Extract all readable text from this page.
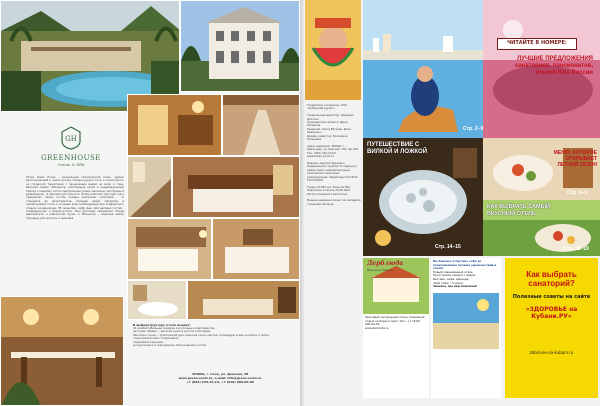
GH
GREENHOUSE
Отель & SPA
Отель Green House – уникальный тематический отель, удобно расположенный в самом центре города-курорта Сочи, в тихом месте, на городской территории с панорамным видом на море и горы. Высокий сервис, SPA-центр, собственная кухня и индивидуальный подход к каждому гостю. Центральная улица, магазины, рестораны и развлечения – в шаговой доступности. Отель работает круглый год и предлагает своим гостям номера различных категорий – от стандарта до апартаментов. Каждый номер оформлен в неповторимом стиле и оснащён всем необходимым для комфортного отдыха: кондиционер, ТВ, мини-бар, сейф, фен. Для деловых гостей – конференц-зал и бизнес-услуги. Наш ресторан предлагает блюда европейской и кавказской кухни, а SPA-центр – широкий выбор процедур для красоты и здоровья.
В инфраструктуру отеля входит:
36 комфортабельных номеров и роскошных апартаментов;
ресторан «Браво» – высокая кухня в уютной атмосфере;
SPA-салон «Luxe» – тропический душ, финская сауна, массаж, процедуры ухода за лицом и телом;
открытый бассейн с подогревом;
охраняемая парковка;
экскурсионное и трансферное обслуживание гостей.
354000, г. Сочи, ул. Донская, 38
www.green-sochi.ru, e-mail: info@green-sochi.ru
+7 (862) 225-15-15, +7 (918) 000-00-00
Учредитель и издатель: ООО «Кубанский курорт»

Генеральный директор: Людмила Донская
Руководитель проекта: Денис Литвинов
Редакция: Ольга Ветрова, Инна Кравченко
Дизайн и вёрстка: Екатерина Латышева

Адрес редакции: 350000, г. Краснодар, ул. Красная, 155, оф. 605
Тел.: (861) 210-10-00
www.kuban-kurort.ru

Издание зарегистрировано Федеральной службой по надзору в сфере связи, информационных технологий и массовых коммуникаций. Свидетельство ПИ № ТУ23-00000.

Тираж 10 000 экз. Заказ № 000.
Подписано в печать 00.00.2014
Распространяется бесплатно.

Мнение редакции может не совпадать с мнением авторов.
ЧИТАЙТЕ В НОМЕРЕ:
ЛУЧШИЕ ПРЕДЛОЖЕНИЯ санаториев, пансионатов, отелей Юга России
Стр. 2–9
ПУТЕШЕСТВИЕ С ВИЛКОЙ И ЛОЖКОЙ
Стр. 14–15
МЕНЮ, КОТОРОЕ ОТКРЫВАЕТ ЛЕТНИЙ СЕЗОН
Стр. 4–5
КАК ВЫБРАТЬ САМЫЙ ВКУСНЫЙ ОТЕЛЬ
Стр. 18–19
Дерблюда
Нежно в Одессе
Красивый загородный отель. Семейный отдых на берегу моря. Тел.: +7 (918) 000-00-00
www.derbluda.ru
Вы боитесь отпустить себя во всевозможные пучины удовольствий в сезон?
Новый современный отель
Просторные номера с видом
Бассейн, кафе, веранда
Свой пляж – 5 минут
Звоните, мы вам поможем!
Как выбрать санаторий?
Полезные советы на сайте
«ЗДОРОВЬЕ на Кубани.РУ»
zdorovie-na-kubani.ru
